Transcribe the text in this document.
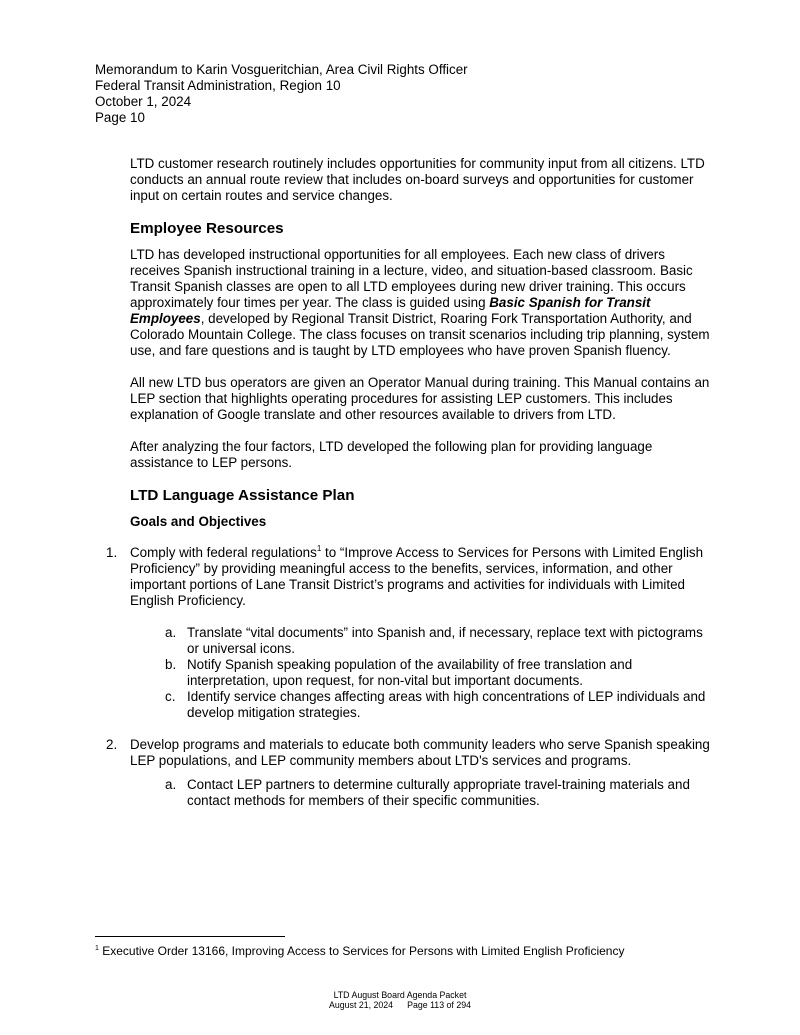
Memorandum to Karin Vosgueritchian, Area Civil Rights Officer
Federal Transit Administration, Region 10
October 1, 2024
Page 10

LTD customer research routinely includes opportunities for community input from all citizens. LTD conducts an annual route review that includes on-board surveys and opportunities for customer input on certain routes and service changes.

Employee Resources

LTD has developed instructional opportunities for all employees. Each new class of drivers receives Spanish instructional training in a lecture, video, and situation-based classroom. Basic Transit Spanish classes are open to all LTD employees during new driver training. This occurs approximately four times per year. The class is guided using Basic Spanish for Transit Employees, developed by Regional Transit District, Roaring Fork Transportation Authority, and Colorado Mountain College. The class focuses on transit scenarios including trip planning, system use, and fare questions and is taught by LTD employees who have proven Spanish fluency.

All new LTD bus operators are given an Operator Manual during training. This Manual contains an LEP section that highlights operating procedures for assisting LEP customers. This includes explanation of Google translate and other resources available to drivers from LTD.

After analyzing the four factors, LTD developed the following plan for providing language assistance to LEP persons.

LTD Language Assistance Plan
Goals and Objectives
1. Comply with federal regulations$^1$ to “Improve Access to Services for Persons with Limited English Proficiency” by providing meaningful access to the benefits, services, information, and other important portions of Lane Transit District’s programs and activities for individuals with Limited English Proficiency.
a. Translate “vital documents” into Spanish and, if necessary, replace text with pictograms or universal icons.
b. Notify Spanish speaking population of the availability of free translation and interpretation, upon request, for non-vital but important documents.
c. Identify service changes affecting areas with high concentrations of LEP individuals and develop mitigation strategies.
2. Develop programs and materials to educate both community leaders who serve Spanish speaking LEP populations, and LEP community members about LTD's services and programs.
a. Contact LEP partners to determine culturally appropriate travel-training materials and contact methods for members of their specific communities.
$^1$ Executive Order 13166, Improving Access to Services for Persons with Limited English Proficiency
LTD August Board Agenda Packet
August 21, 2024 Page 113 of 294
